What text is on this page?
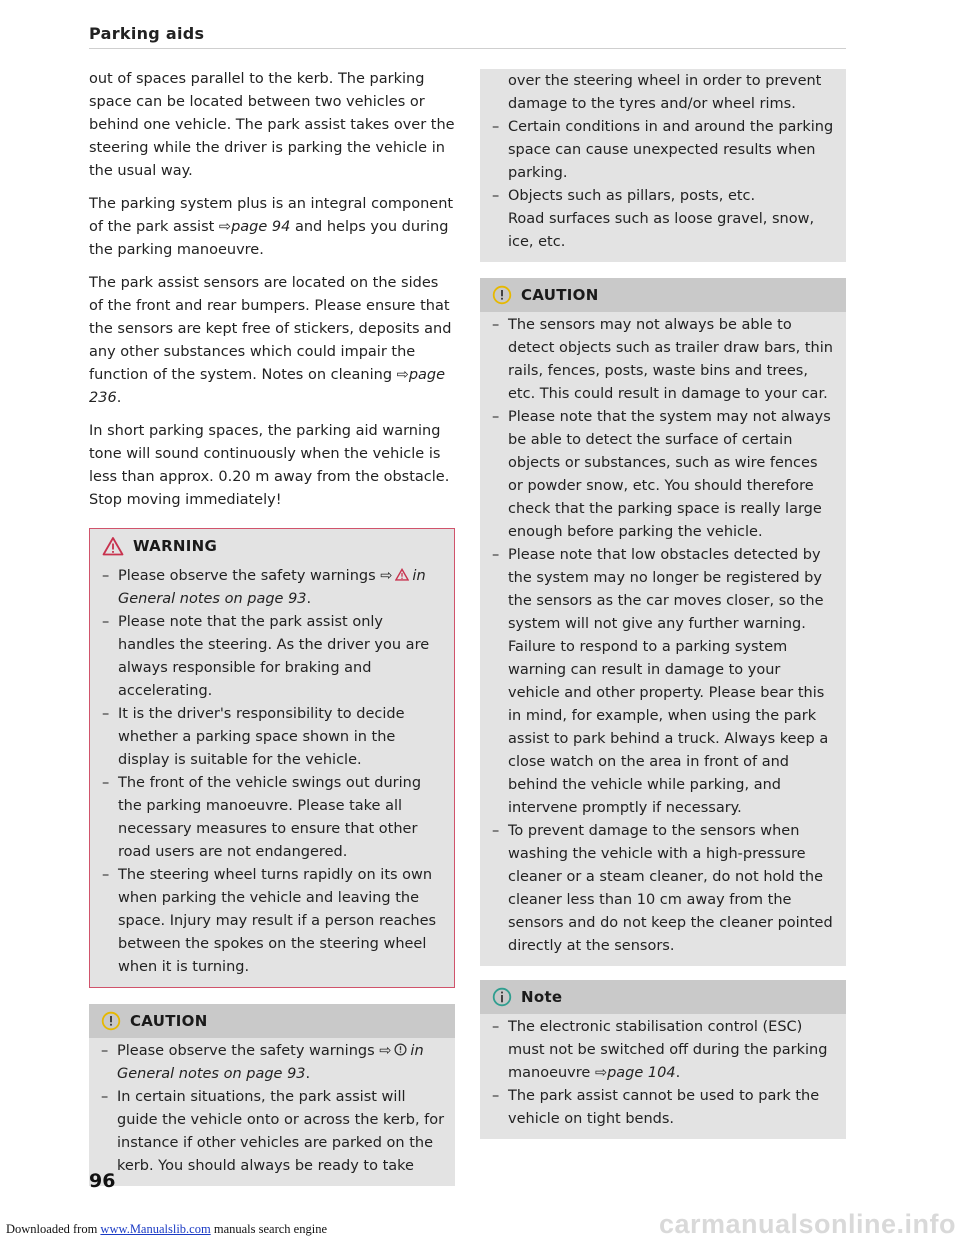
Parking aids

out of spaces parallel to the kerb. The parking space can be located between two vehicles or behind one vehicle. The park assist takes over the steering while the driver is parking the vehicle in the usual way.

The parking system plus is an integral component of the park assist ⇨page 94 and helps you during the parking manoeuvre.

The park assist sensors are located on the sides of the front and rear bumpers. Please ensure that the sensors are kept free of stickers, deposits and any other substances which could impair the function of the system. Notes on cleaning ⇨page 236.

In short parking spaces, the parking aid warning tone will sound continuously when the vehicle is less than approx. 0.20 m away from the obstacle. Stop moving immediately!

WARNING
– Please observe the safety warnings ⇨ in General notes on page 93.
– Please note that the park assist only handles the steering. As the driver you are always responsible for braking and accelerating.
– It is the driver's responsibility to decide whether a parking space shown in the display is suitable for the vehicle.
– The front of the vehicle swings out during the parking manoeuvre. Please take all necessary measures to ensure that other road users are not endangered.
– The steering wheel turns rapidly on its own when parking the vehicle and leaving the space. Injury may result if a person reaches between the spokes on the steering wheel when it is turning.
CAUTION
– Please observe the safety warnings ⇨ in General notes on page 93.
– In certain situations, the park assist will guide the vehicle onto or across the kerb, for instance if other vehicles are parked on the kerb. You should always be ready to take
over the steering wheel in order to prevent damage to the tyres and/or wheel rims.
– Certain conditions in and around the parking space can cause unexpected results when parking.
– Objects such as pillars, posts, etc.
Road surfaces such as loose gravel, snow, ice, etc.
CAUTION
– The sensors may not always be able to detect objects such as trailer draw bars, thin rails, fences, posts, waste bins and trees, etc. This could result in damage to your car.
– Please note that the system may not always be able to detect the surface of certain objects or substances, such as wire fences or powder snow, etc. You should therefore check that the parking space is really large enough before parking the vehicle.
– Please note that low obstacles detected by the system may no longer be registered by the sensors as the car moves closer, so the system will not give any further warning. Failure to respond to a parking system warning can result in damage to your vehicle and other property. Please bear this in mind, for example, when using the park assist to park behind a truck. Always keep a close watch on the area in front of and behind the vehicle while parking, and intervene promptly if necessary.
– To prevent damage to the sensors when washing the vehicle with a high-pressure cleaner or a steam cleaner, do not hold the cleaner less than 10 cm away from the sensors and do not keep the cleaner pointed directly at the sensors.
Note
– The electronic stabilisation control (ESC) must not be switched off during the parking manoeuvre ⇨page 104.
– The park assist cannot be used to park the vehicle on tight bends.
96
Downloaded from www.Manualslib.com manuals search engine	carmanualsonline.info
